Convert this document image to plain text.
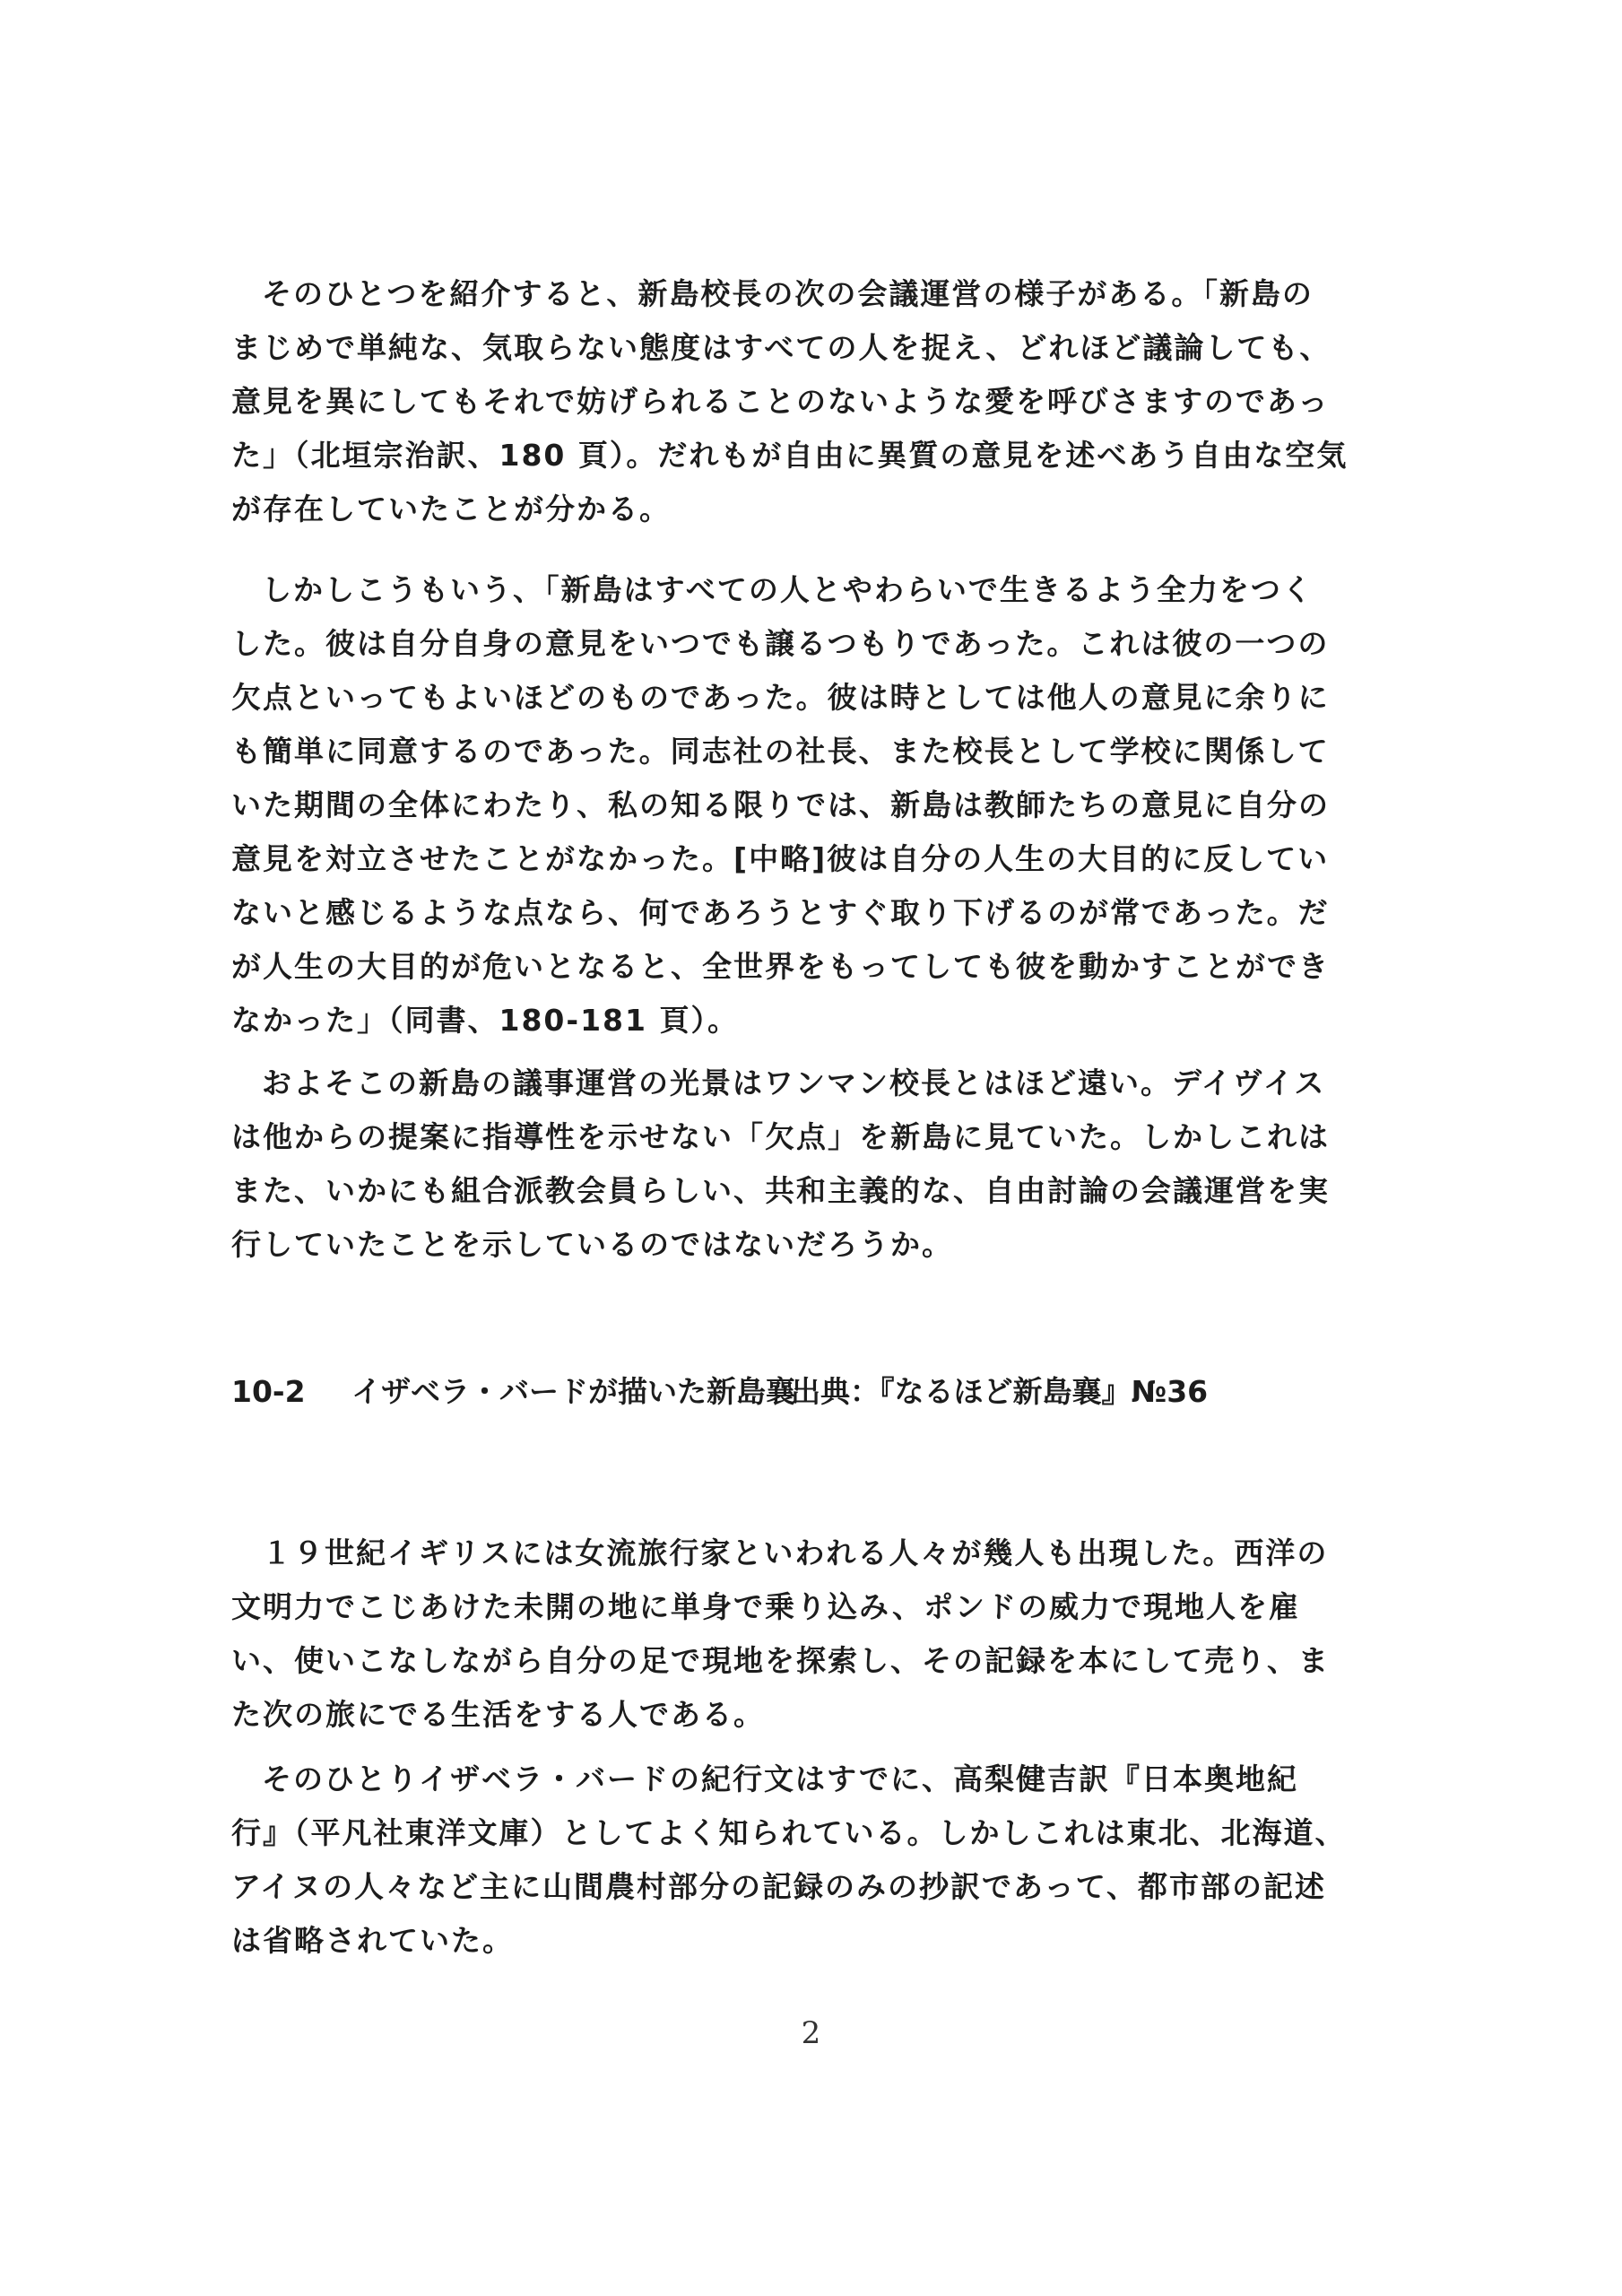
そのひとつを紹介すると、新島校長の次の会議運営の様子がある。「新島の
まじめで単純な、気取らない態度はすべての人を捉え、どれほど議論しても、
意見を異にしてもそれで妨げられることのないような愛を呼びさますのであっ
た」（北垣宗治訳、180 頁）。だれもが自由に異質の意見を述べあう自由な空気
が存在していたことが分かる。

しかしこうもいう、「新島はすべての人とやわらいで生きるよう全力をつく
した。彼は自分自身の意見をいつでも譲るつもりであった。これは彼の一つの
欠点といってもよいほどのものであった。彼は時としては他人の意見に余りに
も簡単に同意するのであった。同志社の社長、また校長として学校に関係して
いた期間の全体にわたり、私の知る限りでは、新島は教師たちの意見に自分の
意見を対立させたことがなかった。[中略]彼は自分の人生の大目的に反してい
ないと感じるような点なら、何であろうとすぐ取り下げるのが常であった。だ
が人生の大目的が危いとなると、全世界をもってしても彼を動かすことができ
なかった」（同書、180-181 頁）。

およそこの新島の議事運営の光景はワンマン校長とはほど遠い。デイヴイス
は他からの提案に指導性を示せない「欠点」を新島に見ていた。しかしこれは
また、いかにも組合派教会員らしい、共和主義的な、自由討論の会議運営を実
行していたことを示しているのではないだろうか。

10-2 イザベラ・バードが描いた新島襄出典：『なるほど新島襄』№36

１９世紀イギリスには女流旅行家といわれる人々が幾人も出現した。西洋の
文明力でこじあけた未開の地に単身で乗り込み、ポンドの威力で現地人を雇
い、使いこなしながら自分の足で現地を探索し、その記録を本にして売り、ま
た次の旅にでる生活をする人である。

そのひとりイザベラ・バードの紀行文はすでに、高梨健吉訳『日本奥地紀
行』（平凡社東洋文庫）としてよく知られている。しかしこれは東北、北海道、
アイヌの人々など主に山間農村部分の記録のみの抄訳であって、都市部の記述
は省略されていた。

2
